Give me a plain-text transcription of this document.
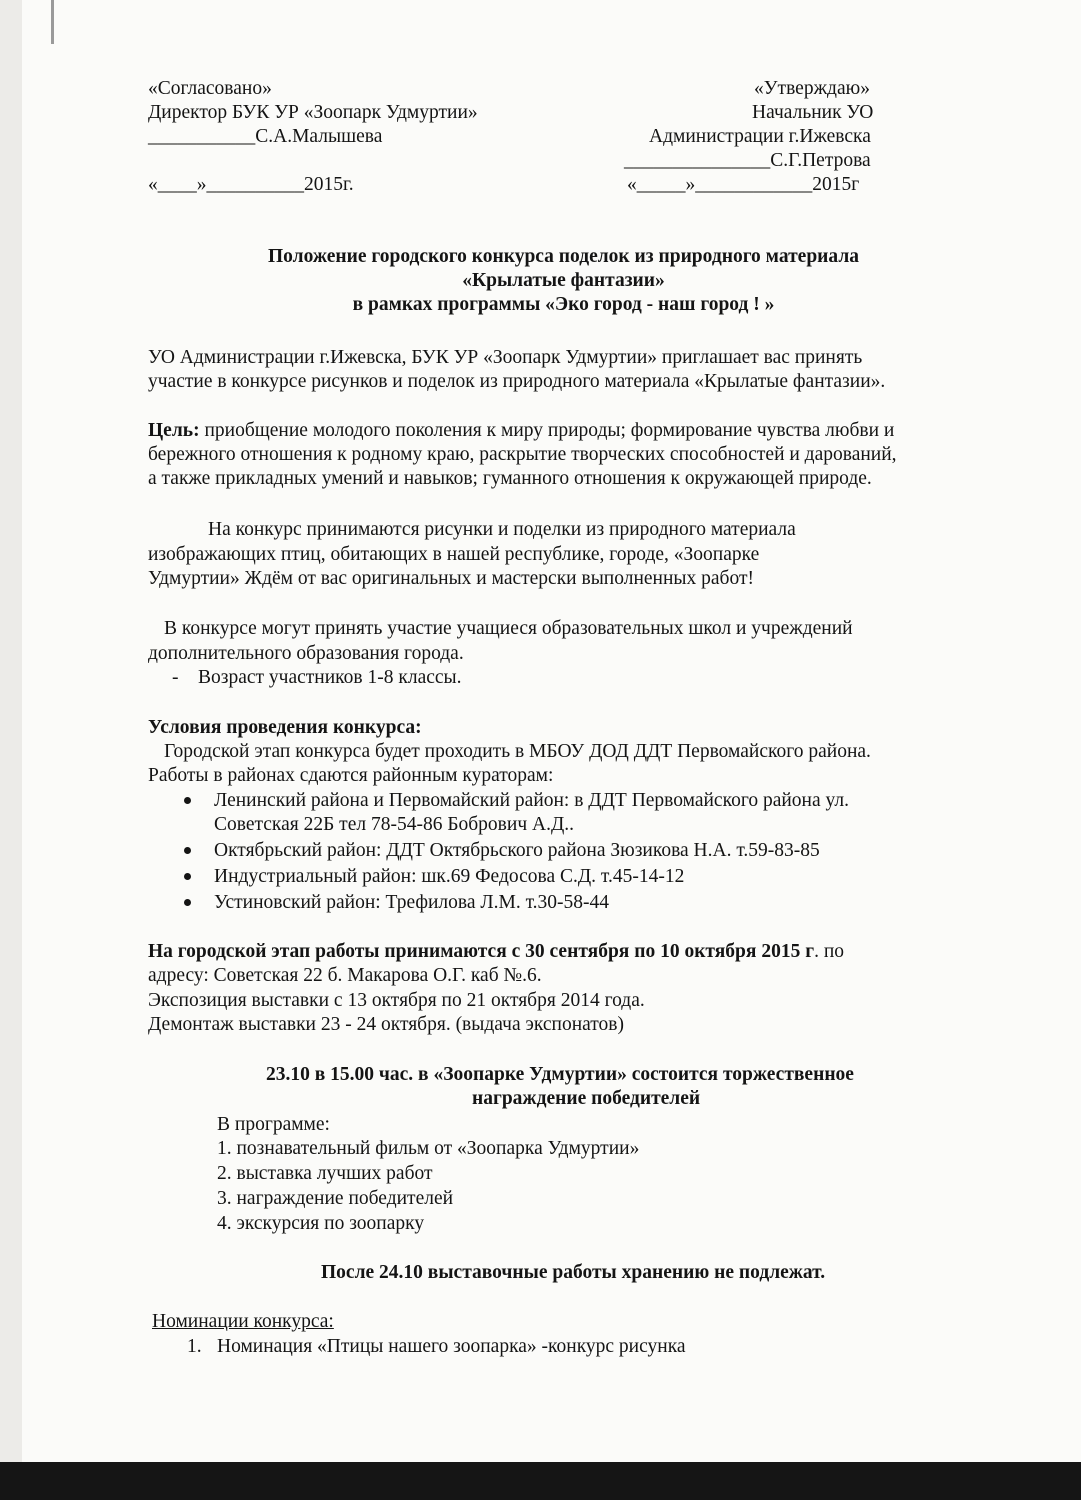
«Согласовано»
Директор БУК УР «Зоопарк Удмуртии»
___________С.А.Малышева
«____»__________2015г.
«Утверждаю»
Начальник УО
Администрации г.Ижевска
_______________С.Г.Петрова
«_____»____________2015г
Положение городского конкурса поделок из природного материала
«Крылатые фантазии»
в рамках программы «Эко город - наш город ! »
УО Администрации г.Ижевска, БУК УР «Зоопарк Удмуртии» приглашает вас принять
участие в конкурсе рисунков и поделок из природного материала «Крылатые фантазии».
Цель: приобщение молодого поколения к миру природы; формирование чувства любви и
бережного отношения к родному краю, раскрытие творческих способностей и дарований,
а также прикладных умений и навыков; гуманного отношения к окружающей природе.
На конкурс принимаются рисунки и поделки из природного материала
изображающих птиц, обитающих в нашей республике, городе, «Зоопарке
Удмуртии» Ждём от вас оригинальных и мастерски выполненных работ!
В конкурсе могут принять участие учащиеся образовательных школ и учреждений
дополнительного образования города.
- Возраст участников 1-8 классы.
Условия проведения конкурса:
Городской этап конкурса будет проходить в МБОУ ДОД ДДТ Первомайского района.
Работы в районах сдаются районным кураторам:
Ленинский района и Первомайский район: в ДДТ Первомайского района ул.
Советская 22Б тел 78-54-86 Бобрович А.Д..
Октябрьский район: ДДТ Октябрьского района Зюзикова Н.А. т.59-83-85
Индустриальный район: шк.69 Федосова С.Д. т.45-14-12
Устиновский район: Трефилова Л.М. т.30-58-44
На городской этап работы принимаются с 30 сентября по 10 октября 2015 г. по
адресу: Советская 22 б. Макарова О.Г. каб №.6.
Экспозиция выставки с 13 октября по 21 октября 2014 года.
Демонтаж выставки 23 - 24 октября. (выдача экспонатов)
23.10 в 15.00 час. в «Зоопарке Удмуртии» состоится торжественное
награждение победителей
В программе:
1. познавательный фильм от «Зоопарка Удмуртии»
2. выставка лучших работ
3. награждение победителей
4. экскурсия по зоопарку
После 24.10 выставочные работы хранению не подлежат.
Номинации конкурса:
1. Номинация «Птицы нашего зоопарка» -конкурс рисунка
